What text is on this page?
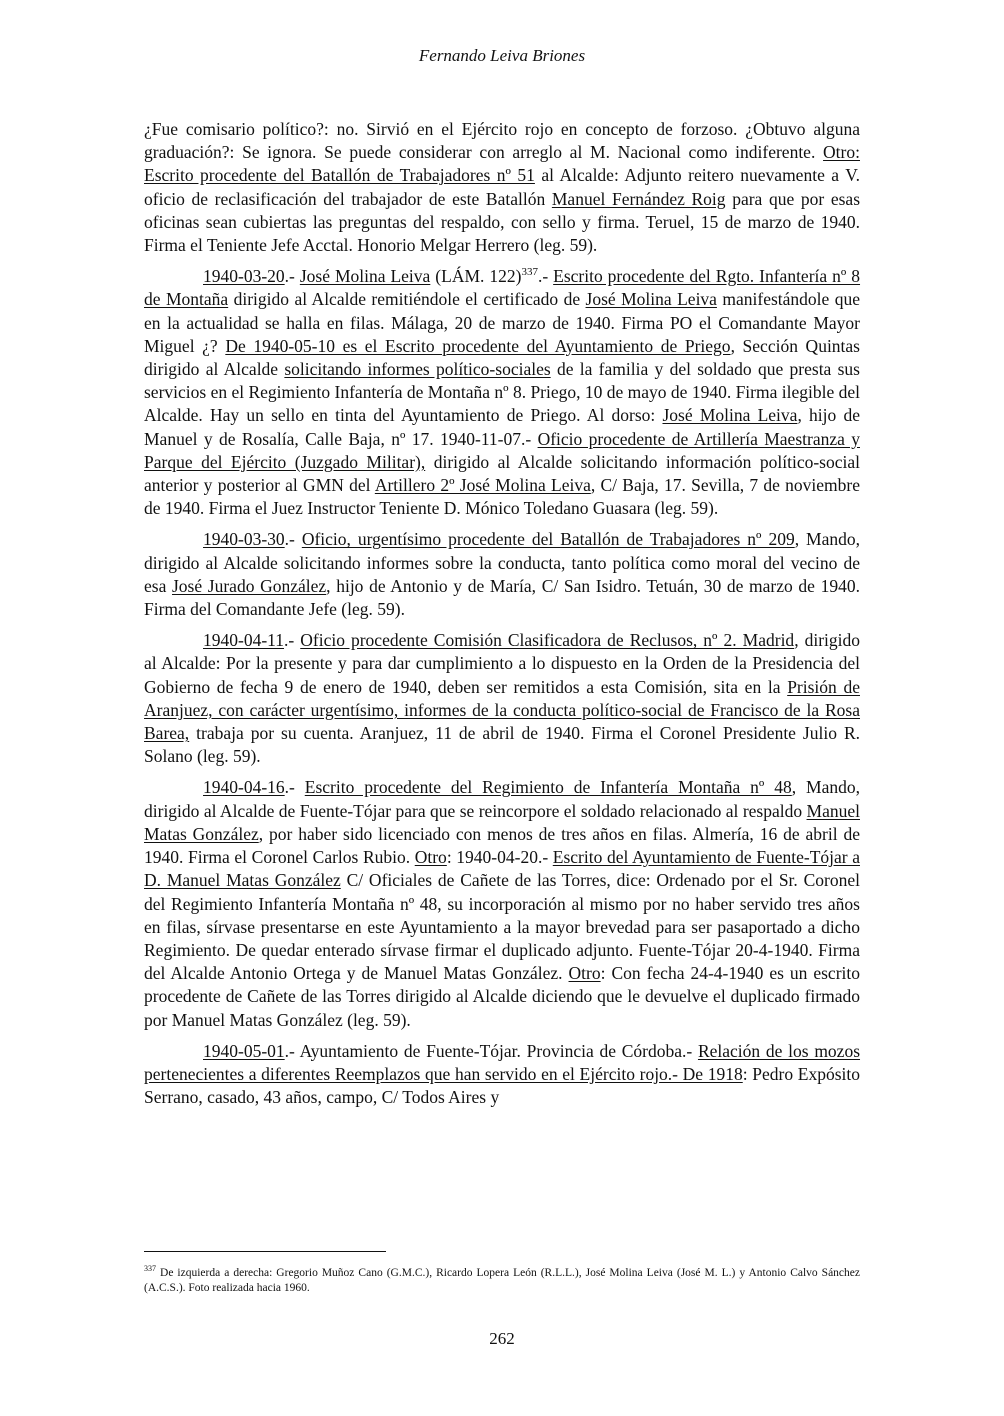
Fernando Leiva Briones

¿Fue comisario político?: no. Sirvió en el Ejército rojo en concepto de forzoso. ¿Obtuvo alguna graduación?: Se ignora. Se puede considerar con arreglo al M. Nacional como indiferente. Otro: Escrito procedente del Batallón de Trabajadores nº 51 al Alcalde: Adjunto reitero nuevamente a V. oficio de reclasificación del trabajador de este Batallón Manuel Fernández Roig para que por esas oficinas sean cubiertas las preguntas del respaldo, con sello y firma. Teruel, 15 de marzo de 1940. Firma el Teniente Jefe Acctal. Honorio Melgar Herrero (leg. 59).

1940-03-20.- José Molina Leiva (LÁM. 122)$^{337}$.- Escrito procedente del Rgto. Infantería nº 8 de Montaña dirigido al Alcalde remitiéndole el certificado de José Molina Leiva manifestándole que en la actualidad se halla en filas. Málaga, 20 de marzo de 1940. Firma PO el Comandante Mayor Miguel ¿? De 1940-05-10 es el Escrito procedente del Ayuntamiento de Priego, Sección Quintas dirigido al Alcalde solicitando informes político-sociales de la familia y del soldado que presta sus servicios en el Regimiento Infantería de Montaña nº 8. Priego, 10 de mayo de 1940. Firma ilegible del Alcalde. Hay un sello en tinta del Ayuntamiento de Priego. Al dorso: José Molina Leiva, hijo de Manuel y de Rosalía, Calle Baja, nº 17. 1940-11-07.- Oficio procedente de Artillería Maestranza y Parque del Ejército (Juzgado Militar), dirigido al Alcalde solicitando información político-social anterior y posterior al GMN del Artillero 2º José Molina Leiva, C/ Baja, 17. Sevilla, 7 de noviembre de 1940. Firma el Juez Instructor Teniente D. Mónico Toledano Guasara (leg. 59).

1940-03-30.- Oficio, urgentísimo procedente del Batallón de Trabajadores nº 209, Mando, dirigido al Alcalde solicitando informes sobre la conducta, tanto política como moral del vecino de esa José Jurado González, hijo de Antonio y de María, C/ San Isidro. Tetuán, 30 de marzo de 1940. Firma del Comandante Jefe (leg. 59).

1940-04-11.- Oficio procedente Comisión Clasificadora de Reclusos, nº 2. Madrid, dirigido al Alcalde: Por la presente y para dar cumplimiento a lo dispuesto en la Orden de la Presidencia del Gobierno de fecha 9 de enero de 1940, deben ser remitidos a esta Comisión, sita en la Prisión de Aranjuez, con carácter urgentísimo, informes de la conducta político-social de Francisco de la Rosa Barea, trabaja por su cuenta. Aranjuez, 11 de abril de 1940. Firma el Coronel Presidente Julio R. Solano (leg. 59).

1940-04-16.- Escrito procedente del Regimiento de Infantería Montaña nº 48, Mando, dirigido al Alcalde de Fuente-Tójar para que se reincorpore el soldado relacionado al respaldo Manuel Matas González, por haber sido licenciado con menos de tres años en filas. Almería, 16 de abril de 1940. Firma el Coronel Carlos Rubio. Otro: 1940-04-20.- Escrito del Ayuntamiento de Fuente-Tójar a D. Manuel Matas González C/ Oficiales de Cañete de las Torres, dice: Ordenado por el Sr. Coronel del Regimiento Infantería Montaña nº 48, su incorporación al mismo por no haber servido tres años en filas, sírvase presentarse en este Ayuntamiento a la mayor brevedad para ser pasaportado a dicho Regimiento. De quedar enterado sírvase firmar el duplicado adjunto. Fuente-Tójar 20-4-1940. Firma del Alcalde Antonio Ortega y de Manuel Matas González. Otro: Con fecha 24-4-1940 es un escrito procedente de Cañete de las Torres dirigido al Alcalde diciendo que le devuelve el duplicado firmado por Manuel Matas González (leg. 59).

1940-05-01.- Ayuntamiento de Fuente-Tójar. Provincia de Córdoba.- Relación de los mozos pertenecientes a diferentes Reemplazos que han servido en el Ejército rojo.- De 1918: Pedro Expósito Serrano, casado, 43 años, campo, C/ Todos Aires y

$^{337}$ De izquierda a derecha: Gregorio Muñoz Cano (G.M.C.), Ricardo Lopera León (R.L.L.), José Molina Leiva (José M. L.) y Antonio Calvo Sánchez (A.C.S.). Foto realizada hacia 1960.
262
